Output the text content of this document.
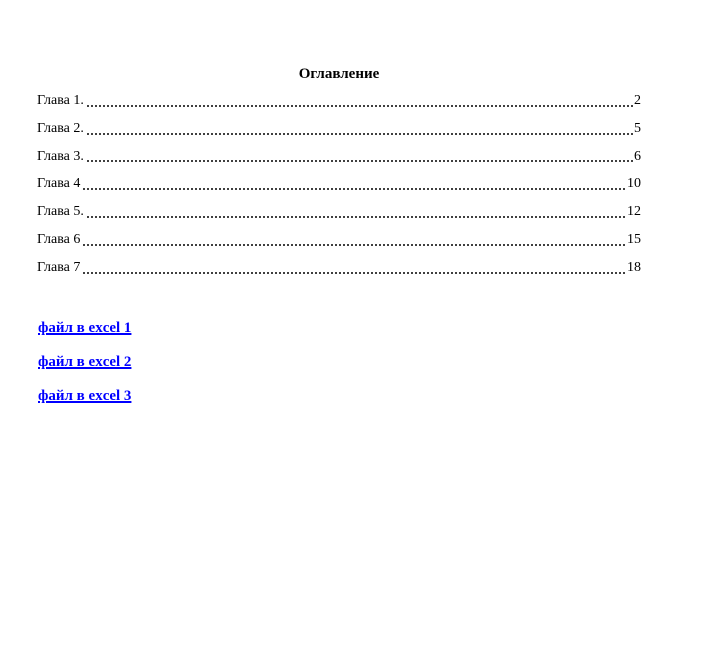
Оглавление
Глава 1.	2
Глава 2.	5
Глава 3.	6
Глава 4	10
Глава 5.	12
Глава 6	15
Глава 7	18
файл в excel 1
файл в excel 2
файл в excel 3
